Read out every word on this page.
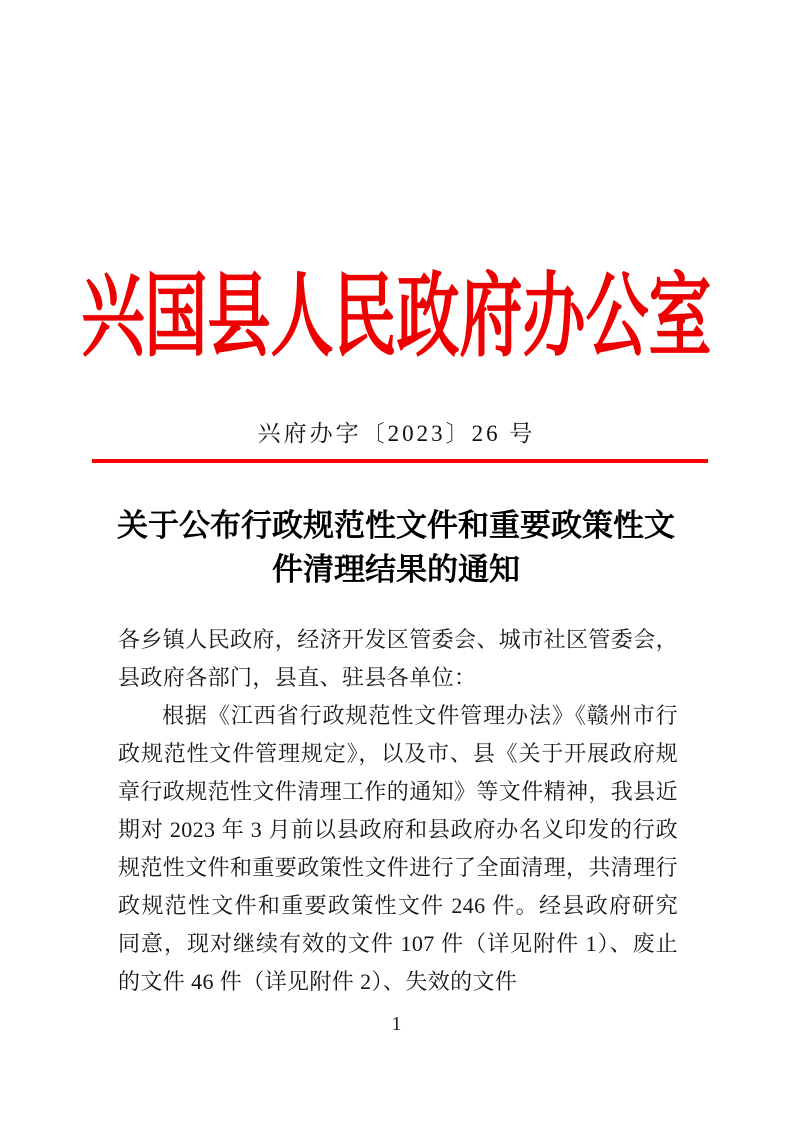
兴国县人民政府办公室
兴府办字〔2023〕26 号
关于公布行政规范性文件和重要政策性文件清理结果的通知

各乡镇人民政府，经济开发区管委会、城市社区管委会，县政府各部门，县直、驻县各单位：

根据《江西省行政规范性文件管理办法》《赣州市行政规范性文件管理规定》，以及市、县《关于开展政府规章行政规范性文件清理工作的通知》等文件精神，我县近期对 2023 年 3 月前以县政府和县政府办名义印发的行政规范性文件和重要政策性文件进行了全面清理，共清理行政规范性文件和重要政策性文件 246 件。经县政府研究同意，现对继续有效的文件 107 件（详见附件 1）、废止的文件 46 件（详见附件 2）、失效的文件

1
